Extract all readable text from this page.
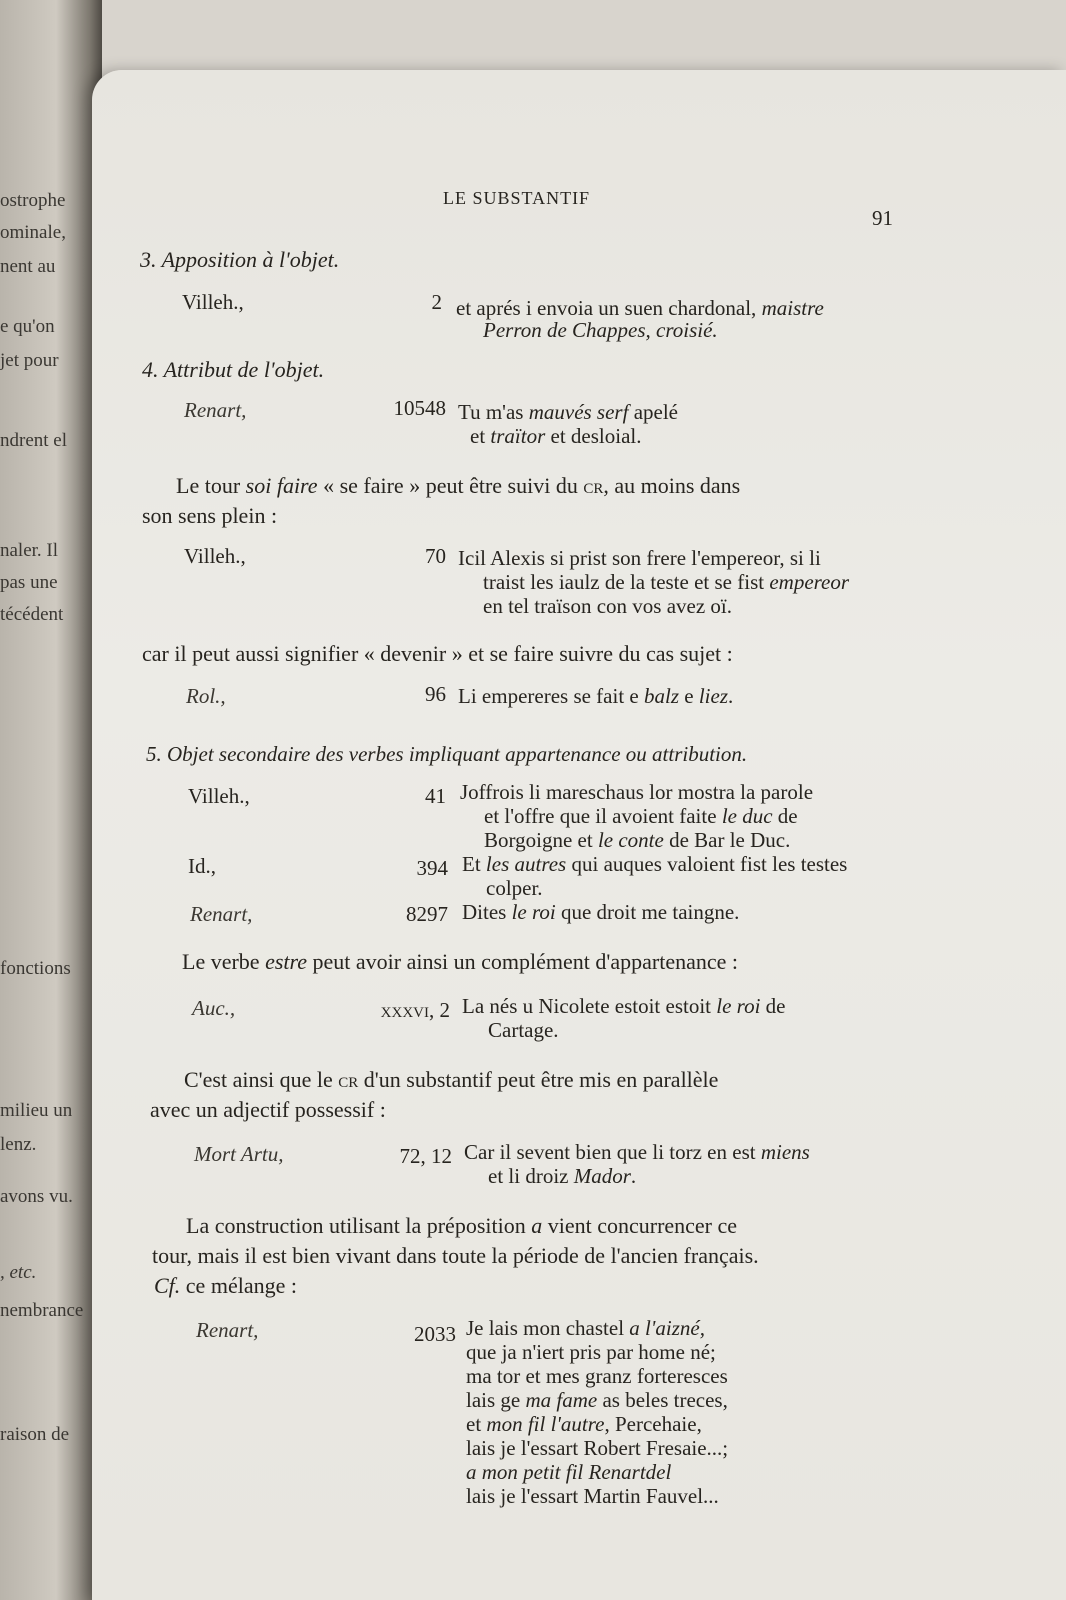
ostrophe
ominale,
nent au
e qu'on
jet pour
ndrent el
naler. Il
pas une
técédent
fonctions
milieu un
lenz.
avons vu.
, etc.
nembrance
raison de
LE SUBSTANTIF
91
3. Apposition à l'objet.
Villeh.,	2 et aprés i envoia un suen chardonal, maistre
Perron de Chappes, croisié.
4. Attribut de l'objet.
Renart,	10548 Tu m'as mauvés serf apelé
et traïtor et desloial.
Le tour soi faire « se faire » peut être suivi du cr, au moins dans
son sens plein :
Villeh.,	70 Icil Alexis si prist son frere l'empereor, si li
traist les iaulz de la teste et se fist empereor
en tel traïson con vos avez oï.
car il peut aussi signifier « devenir » et se faire suivre du cas sujet :
Rol.,	96 Li empereres se fait e balz e liez.
5. Objet secondaire des verbes impliquant appartenance ou attribution.
Villeh.,	41 Joffrois li mareschaus lor mostra la parole
et l'offre que il avoient faite le duc de
Borgoigne et le conte de Bar le Duc.
Id.,	394 Et les autres qui auques valoient fist les testes
colper.
Renart,	8297 Dites le roi que droit me taingne.
Le verbe estre peut avoir ainsi un complément d'appartenance :
Auc.,	xxxvi, 2 La nés u Nicolete estoit estoit le roi de
Cartage.
C'est ainsi que le cr d'un substantif peut être mis en parallèle
avec un adjectif possessif :
Mort Artu,	72, 12 Car il sevent bien que li torz en est miens
et li droiz Mador.
La construction utilisant la préposition a vient concurrencer ce
tour, mais il est bien vivant dans toute la période de l'ancien français.
Cf. ce mélange :
Renart,	2033 Je lais mon chastel a l'aizné,
que ja n'iert pris par home né;
ma tor et mes granz forteresces
lais ge ma fame as beles treces,
et mon fil l'autre, Percehaie,
lais je l'essart Robert Fresaie...;
a mon petit fil Renartdel
lais je l'essart Martin Fauvel...
